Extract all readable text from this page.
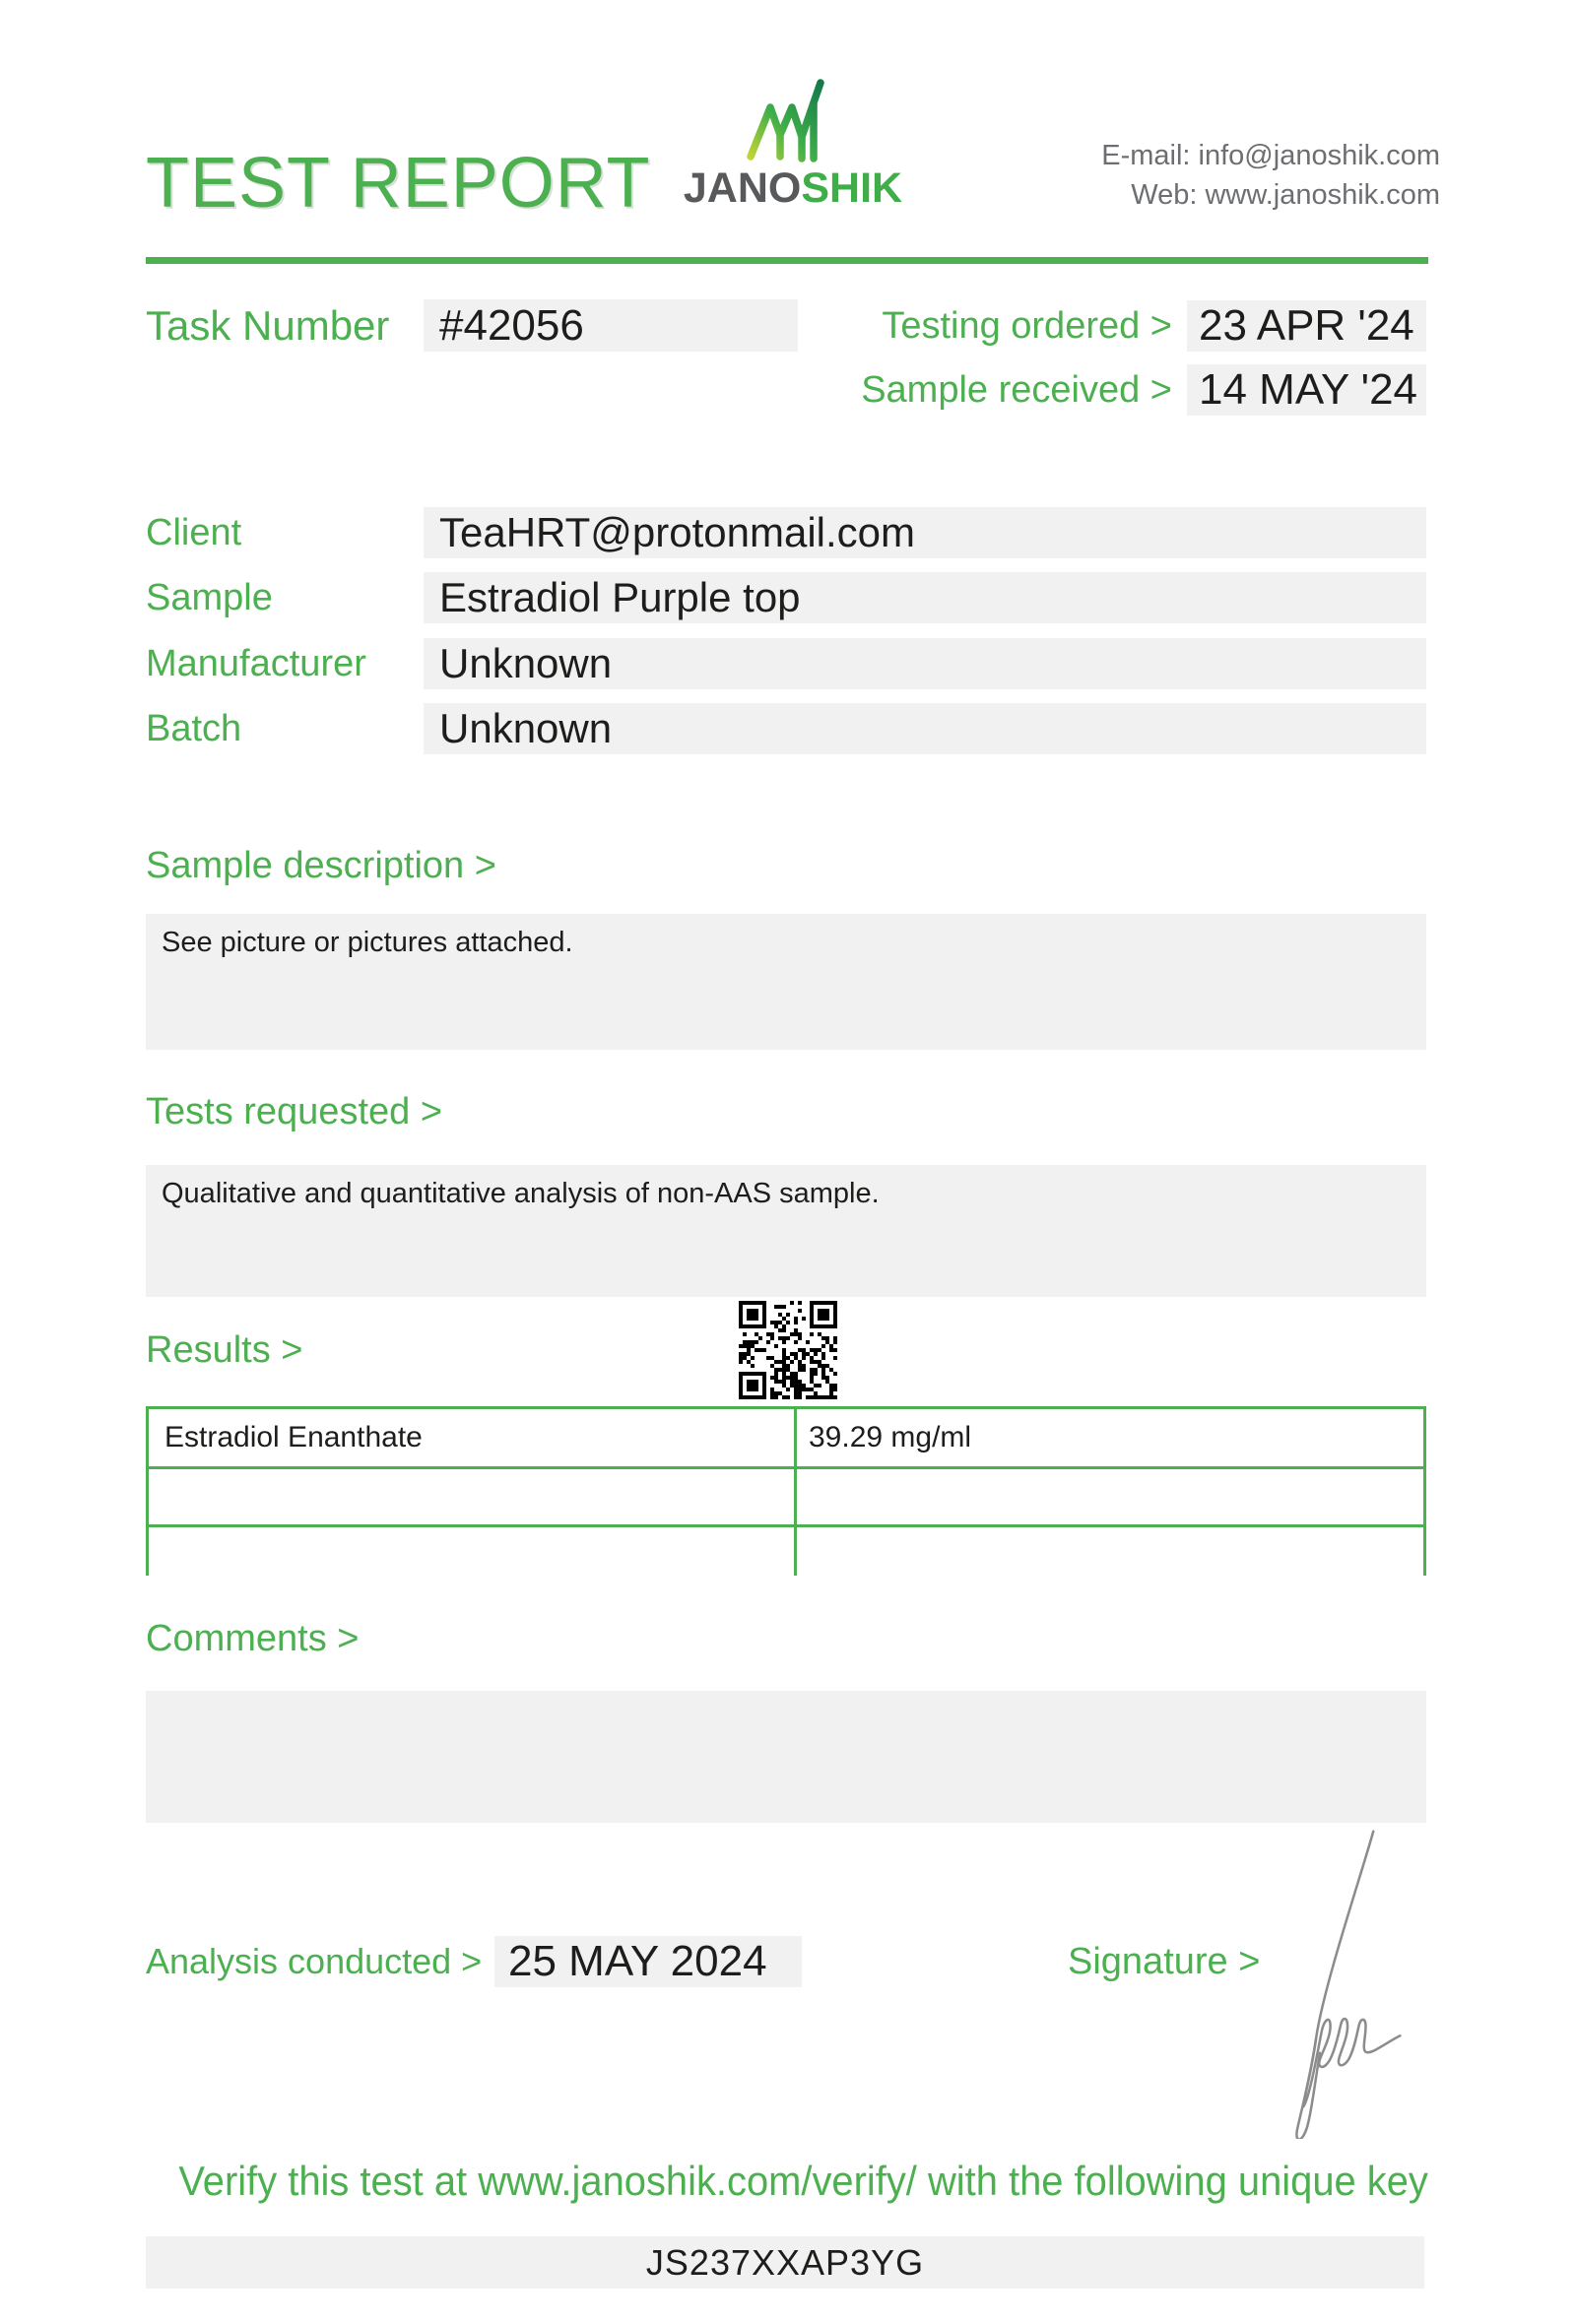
TEST REPORT JANOSHIK
E-mail: info@janoshik.com
Web: www.janoshik.com
Task Number	#42056	Testing ordered > 23 APR '24
Sample received > 14 MAY '24
Client	TeaHRT@protonmail.com
Sample	Estradiol Purple top
Manufacturer	Unknown
Batch	Unknown
Sample description >
See picture or pictures attached.
Tests requested >
Qualitative and quantitative analysis of non-AAS sample.
Results >
Estradiol Enanthate	39.29 mg/ml
Comments >
Analysis conducted > 25 MAY 2024	Signature >
Verify this test at www.janoshik.com/verify/ with the following unique key
JS237XXAP3YG
